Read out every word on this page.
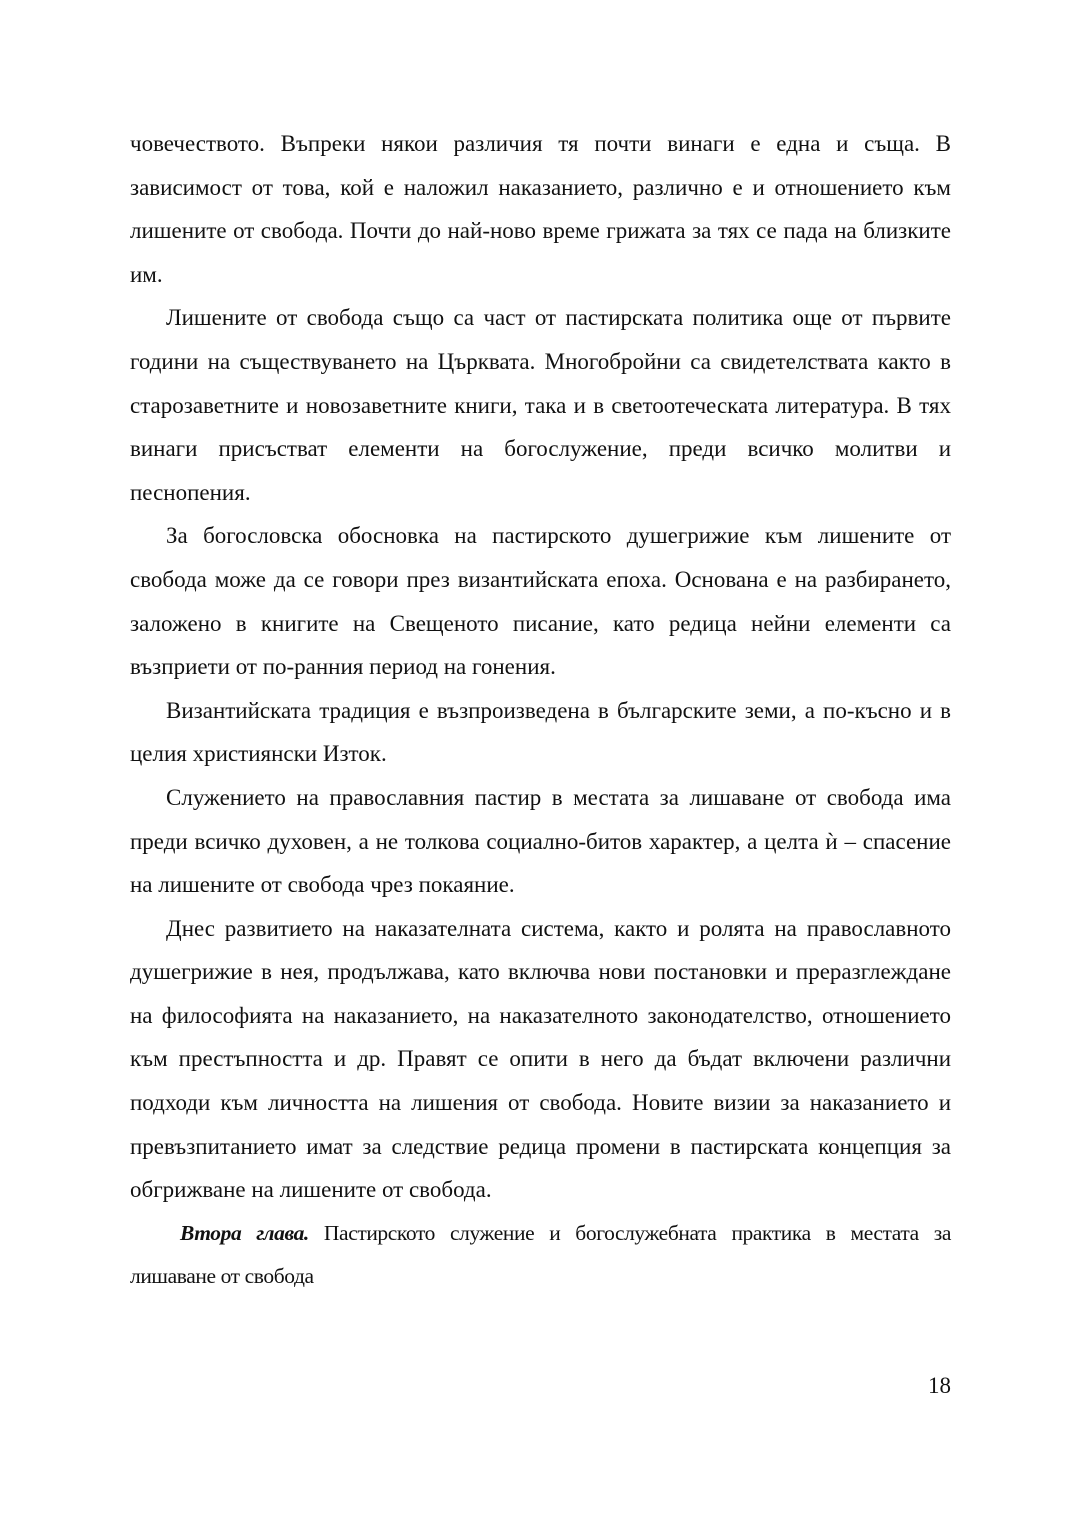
човечеството. Въпреки някои различия тя почти винаги е една и съща. В зависимост от това, кой е наложил наказанието, различно е и отношението към лишените от свобода. Почти до най-ново време грижата за тях се пада на близките им.

Лишените от свобода също са част от пастирската политика още от първите години на съществуването на Църквата. Многобройни са свидетелствата както в старозаветните и новозаветните книги, така и в светоотеческата литература. В тях винаги присъстват елементи на богослужение, преди всичко молитви и песнопения.

За богословска обосновка на пастирското душегрижие към лишените от свобода може да се говори през византийската епоха. Основана е на разбирането, заложено в книгите на Свещеното писание, като редица нейни елементи са възприети от по-ранния период на гонения.

Византийската традиция е възпроизведена в българските земи, а по-късно и в целия християнски Изток.

Служението на православния пастир в местата за лишаване от свобода има преди всичко духовен, а не толкова социално-битов характер, а целта ѝ – спасение на лишените от свобода чрез покаяние.

Днес развитието на наказателната система, както и ролята на православното душегрижие в нея, продължава, като включва нови постановки и преразглеждане на философията на наказанието, на наказателното законодателство, отношението към престъпността и др. Правят се опити в него да бъдат включени различни подходи към личността на лишения от свобода. Новите визии за наказанието и превъзпитанието имат за следствие редица промени в пастирската концепция за обгрижване на лишените от свобода.

Втора глава. Пастирското служение и богослужебната практика в местата за лишаване от свобода

18
